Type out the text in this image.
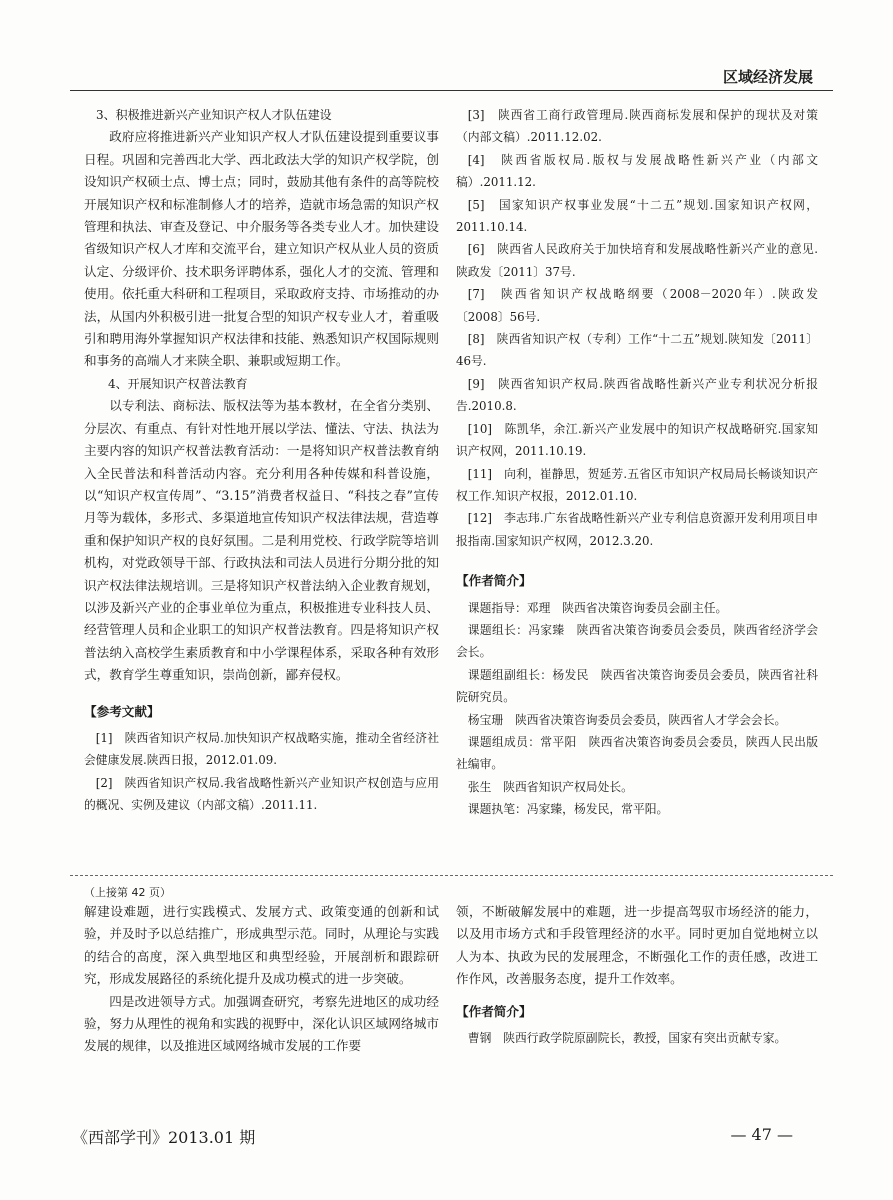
区域经济发展
3、积极推进新兴产业知识产权人才队伍建设

政府应将推进新兴产业知识产权人才队伍建设提到重要议事日程。巩固和完善西北大学、西北政法大学的知识产权学院，创设知识产权硕士点、博士点；同时，鼓励其他有条件的高等院校开展知识产权和标准制修人才的培养，造就市场急需的知识产权管理和执法、审查及登记、中介服务等各类专业人才。加快建设省级知识产权人才库和交流平台，建立知识产权从业人员的资质认定、分级评价、技术职务评聘体系，强化人才的交流、管理和使用。依托重大科研和工程项目，采取政府支持、市场推动的办法，从国内外积极引进一批复合型的知识产权专业人才，着重吸引和聘用海外掌握知识产权法律和技能、熟悉知识产权国际规则和事务的高端人才来陕全职、兼职或短期工作。

4、开展知识产权普法教育

以专利法、商标法、版权法等为基本教材，在全省分类别、分层次、有重点、有针对性地开展以学法、懂法、守法、执法为主要内容的知识产权普法教育活动：一是将知识产权普法教育纳入全民普法和科普活动内容。充分利用各种传媒和科普设施，以“知识产权宣传周”、“3.15”消费者权益日、“科技之春”宣传月等为载体，多形式、多渠道地宣传知识产权法律法规，营造尊重和保护知识产权的良好氛围。二是利用党校、行政学院等培训机构，对党政领导干部、行政执法和司法人员进行分期分批的知识产权法律法规培训。三是将知识产权普法纳入企业教育规划，以涉及新兴产业的企事业单位为重点，积极推进专业科技人员、经营管理人员和企业职工的知识产权普法教育。四是将知识产权普法纳入高校学生素质教育和中小学课程体系，采取各种有效形式，教育学生尊重知识，崇尚创新，鄙弃侵权。

【参考文献】
[1]　陕西省知识产权局.加快知识产权战略实施，推动全省经济社会健康发展.陕西日报，2012.01.09.
[2]　陕西省知识产权局.我省战略性新兴产业知识产权创造与应用的概况、实例及建议（内部文稿）.2011.11.
[3]　陕西省工商行政管理局.陕西商标发展和保护的现状及对策（内部文稿）.2011.12.02.
[4]　陕西省版权局.版权与发展战略性新兴产业（内部文稿）.2011.12.
[5]　国家知识产权事业发展“十二五”规划.国家知识产权网，2011.10.14.
[6]　陕西省人民政府关于加快培育和发展战略性新兴产业的意见.陕政发〔2011〕37号.
[7]　陕西省知识产权战略纲要（2008－2020年）.陕政发〔2008〕56号.
[8]　陕西省知识产权（专利）工作“十二五”规划.陕知发〔2011〕46号.
[9]　陕西省知识产权局.陕西省战略性新兴产业专利状况分析报告.2010.8.
[10]　陈凯华，余江.新兴产业发展中的知识产权战略研究.国家知识产权网，2011.10.19.
[11]　向利，崔静思，贺延芳.五省区市知识产权局局长畅谈知识产权工作.知识产权报，2012.01.10.
[12]　李志玮.广东省战略性新兴产业专利信息资源开发利用项目申报指南.国家知识产权网，2012.3.20.
【作者简介】
课题指导：邓理　陕西省决策咨询委员会副主任。
课题组长：冯家臻　陕西省决策咨询委员会委员，陕西省经济学会会长。
课题组副组长：杨发民　陕西省决策咨询委员会委员，陕西省社科院研究员。
杨宝珊　陕西省决策咨询委员会委员，陕西省人才学会会长。
课题组成员：常平阳　陕西省决策咨询委员会委员，陕西人民出版社编审。
张生　陕西省知识产权局处长。
课题执笔：冯家臻，杨发民，常平阳。
（上接第 42 页）

解建设难题，进行实践模式、发展方式、政策变通的创新和试验，并及时予以总结推广，形成典型示范。同时，从理论与实践的结合的高度，深入典型地区和典型经验，开展剖析和跟踪研究，形成发展路径的系统化提升及成功模式的进一步突破。

四是改进领导方式。加强调查研究，考察先进地区的成功经验，努力从理性的视角和实践的视野中，深化认识区域网络城市发展的规律，以及推进区域网络城市发展的工作要

领，不断破解发展中的难题，进一步提高驾驭市场经济的能力，以及用市场方式和手段管理经济的水平。同时更加自觉地树立以人为本、执政为民的发展理念，不断强化工作的责任感，改进工作作风，改善服务态度，提升工作效率。

【作者简介】
曹钢　陕西行政学院原副院长，教授，国家有突出贡献专家。
《西部学刊》2013.01 期	— 47 —
